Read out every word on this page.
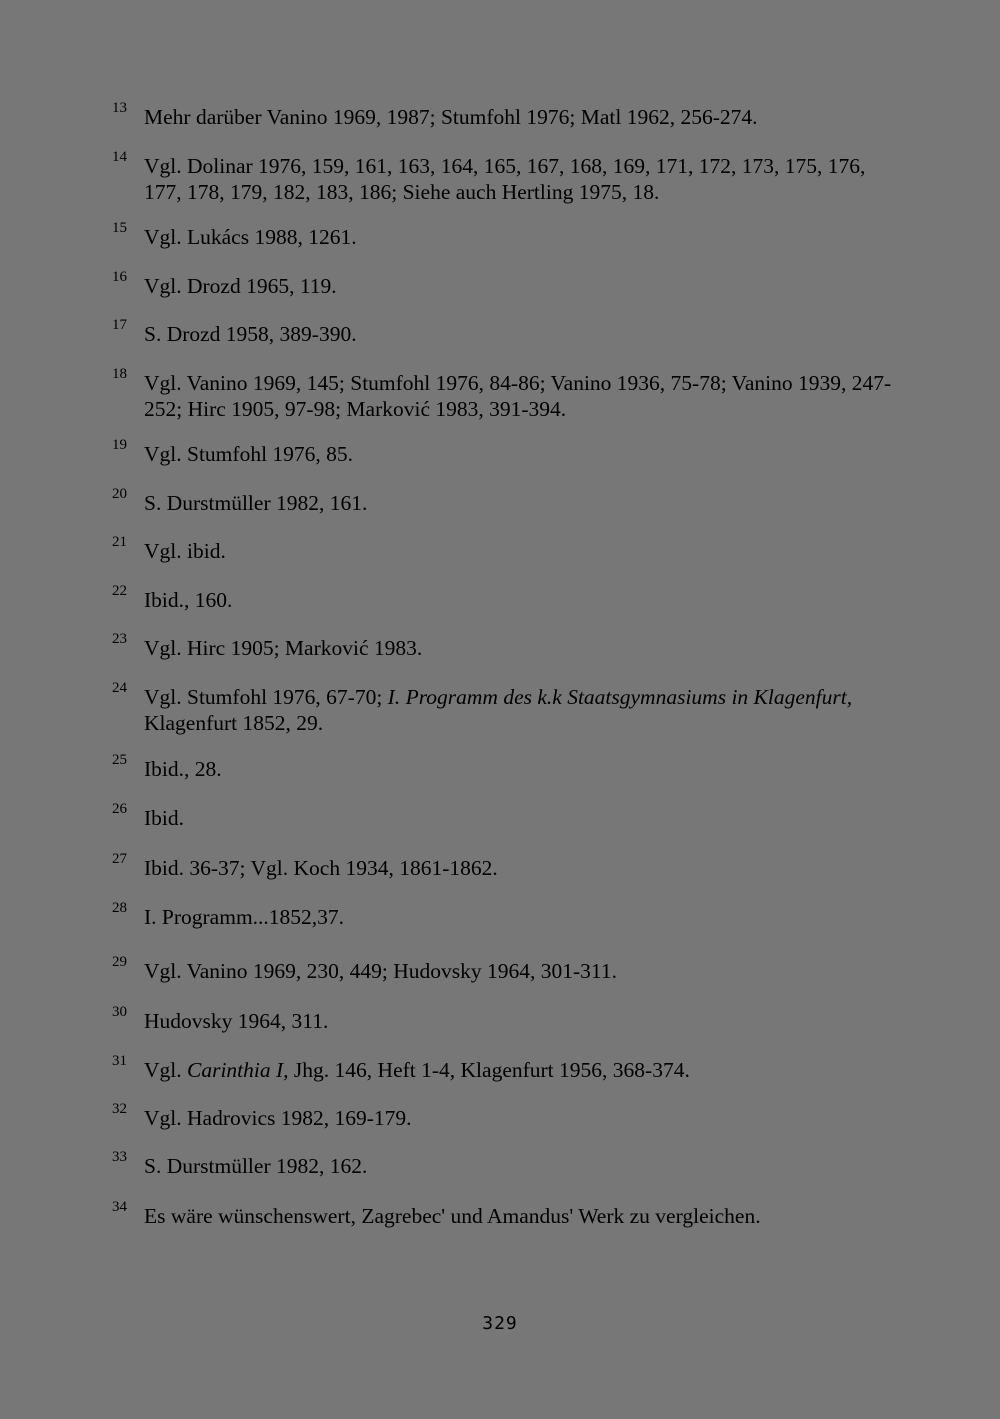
13 Mehr darüber Vanino 1969, 1987; Stumfohl 1976; Matl 1962, 256-274.
14 Vgl. Dolinar 1976, 159, 161, 163, 164, 165, 167, 168, 169, 171, 172, 173, 175, 176, 177, 178, 179, 182, 183, 186; Siehe auch Hertling 1975, 18.
15 Vgl. Lukács 1988, 1261.
16 Vgl. Drozd 1965, 119.
17 S. Drozd 1958, 389-390.
18 Vgl. Vanino 1969, 145; Stumfohl 1976, 84-86; Vanino 1936, 75-78; Vanino 1939, 247-252; Hirc 1905, 97-98; Marković 1983, 391-394.
19 Vgl. Stumfohl 1976, 85.
20 S. Durstmüller 1982, 161.
21 Vgl. ibid.
22 Ibid., 160.
23 Vgl. Hirc 1905; Marković 1983.
24 Vgl. Stumfohl 1976, 67-70; I. Programm des k.k Staatsgymnasiums in Klagenfurt, Klagenfurt 1852, 29.
25 Ibid., 28.
26 Ibid.
27 Ibid. 36-37; Vgl. Koch 1934, 1861-1862.
28 I. Programm...1852,37.
29 Vgl. Vanino 1969, 230, 449; Hudovsky 1964, 301-311.
30 Hudovsky 1964, 311.
31 Vgl. Carinthia I, Jhg. 146, Heft 1-4, Klagenfurt 1956, 368-374.
32 Vgl. Hadrovics 1982, 169-179.
33 S. Durstmüller 1982, 162.
34 Es wäre wünschenswert, Zagrebec' und Amandus' Werk zu vergleichen.
329
